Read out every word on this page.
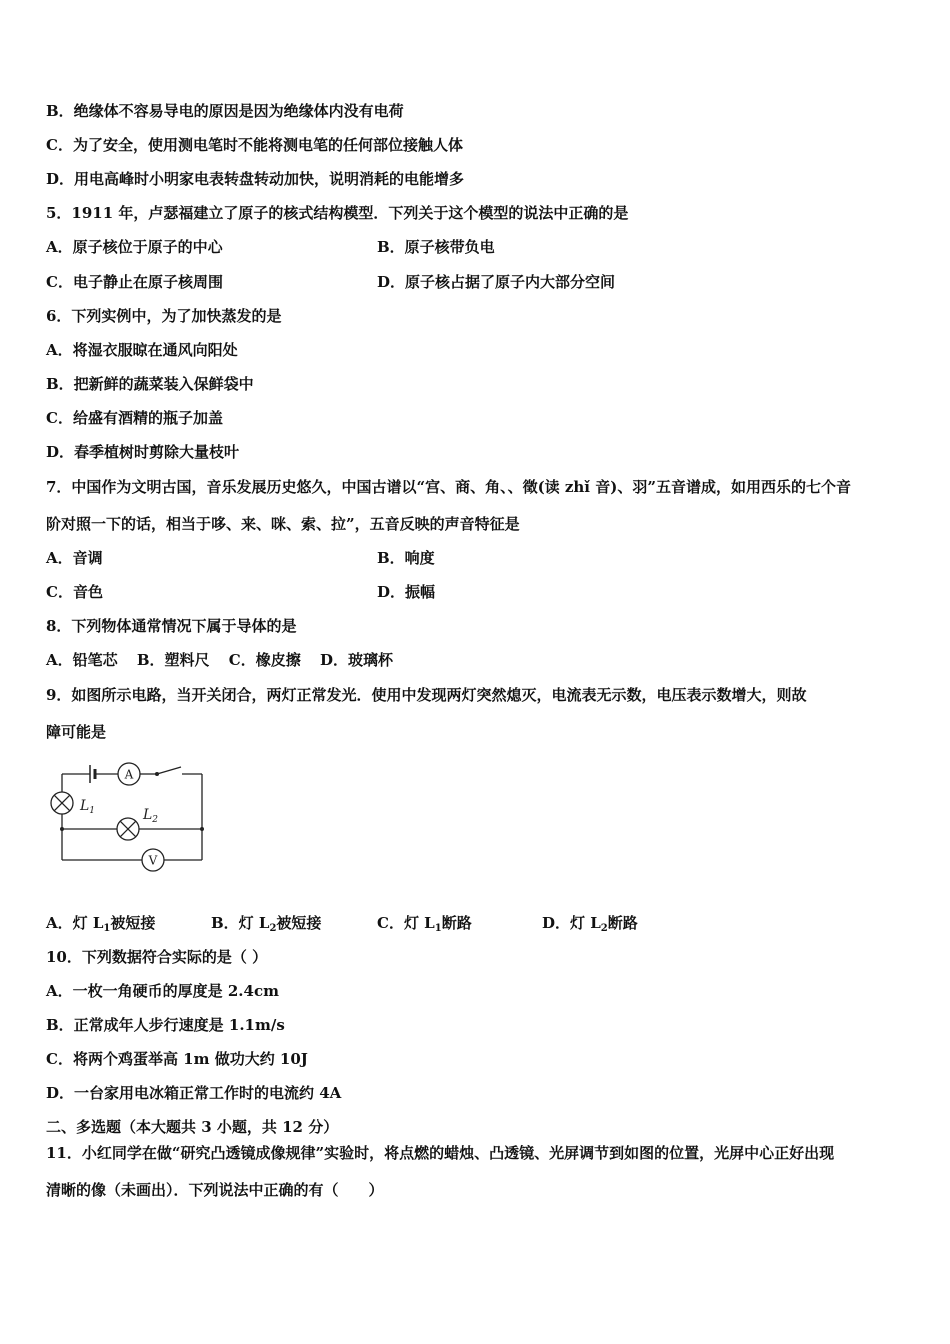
B．绝缘体不容易导电的原因是因为绝缘体内没有电荷
C．为了安全，使用测电笔时不能将测电笔的任何部位接触人体
D．用电高峰时小明家电表转盘转动加快，说明消耗的电能增多
5．1911 年，卢瑟福建立了原子的核式结构模型．下列关于这个模型的说法中正确的是
A．原子核位于原子的中心	B．原子核带负电
C．电子静止在原子核周围	D．原子核占据了原子内大部分空间
6．下列实例中，为了加快蒸发的是
A．将湿衣服晾在通风向阳处
B．把新鲜的蔬菜装入保鲜袋中
C．给盛有酒精的瓶子加盖
D．春季植树时剪除大量枝叶
7．中国作为文明古国，音乐发展历史悠久，中国古谱以“宫、商、角、、徵(读 zhǐ 音)、羽”五音谱成，如用西乐的七个音
阶对照一下的话，相当于哆、来、咪、索、拉”，五音反映的声音特征是
A．音调	B．响度
C．音色	D．振幅
8．下列物体通常情况下属于导体的是
A．铅笔芯 B．塑料尺 C．橡皮擦 D．玻璃杯
9．如图所示电路，当开关闭合，两灯正常发光．使用中发现两灯突然熄灭，电流表无示数，电压表示数增大，则故
障可能是
A
V
$L_1$	$L_2$
A．灯 $L_1$被短接	B．灯 $L_2$被短接	C．灯 $L_1$断路	D．灯 $L_2$断路
10．下列数据符合实际的是（ ）
A．一枚一角硬币的厚度是 2.4cm
B．正常成年人步行速度是 1.1m/s
C．将两个鸡蛋举高 1m 做功大约 10J
D．一台家用电冰箱正常工作时的电流约 4A
二、多选题（本大题共 3 小题，共 12 分）
11．小红同学在做“研究凸透镜成像规律”实验时，将点燃的蜡烛、凸透镜、光屏调节到如图的位置，光屏中心正好出现
清晰的像（未画出）．下列说法中正确的有（　　）
